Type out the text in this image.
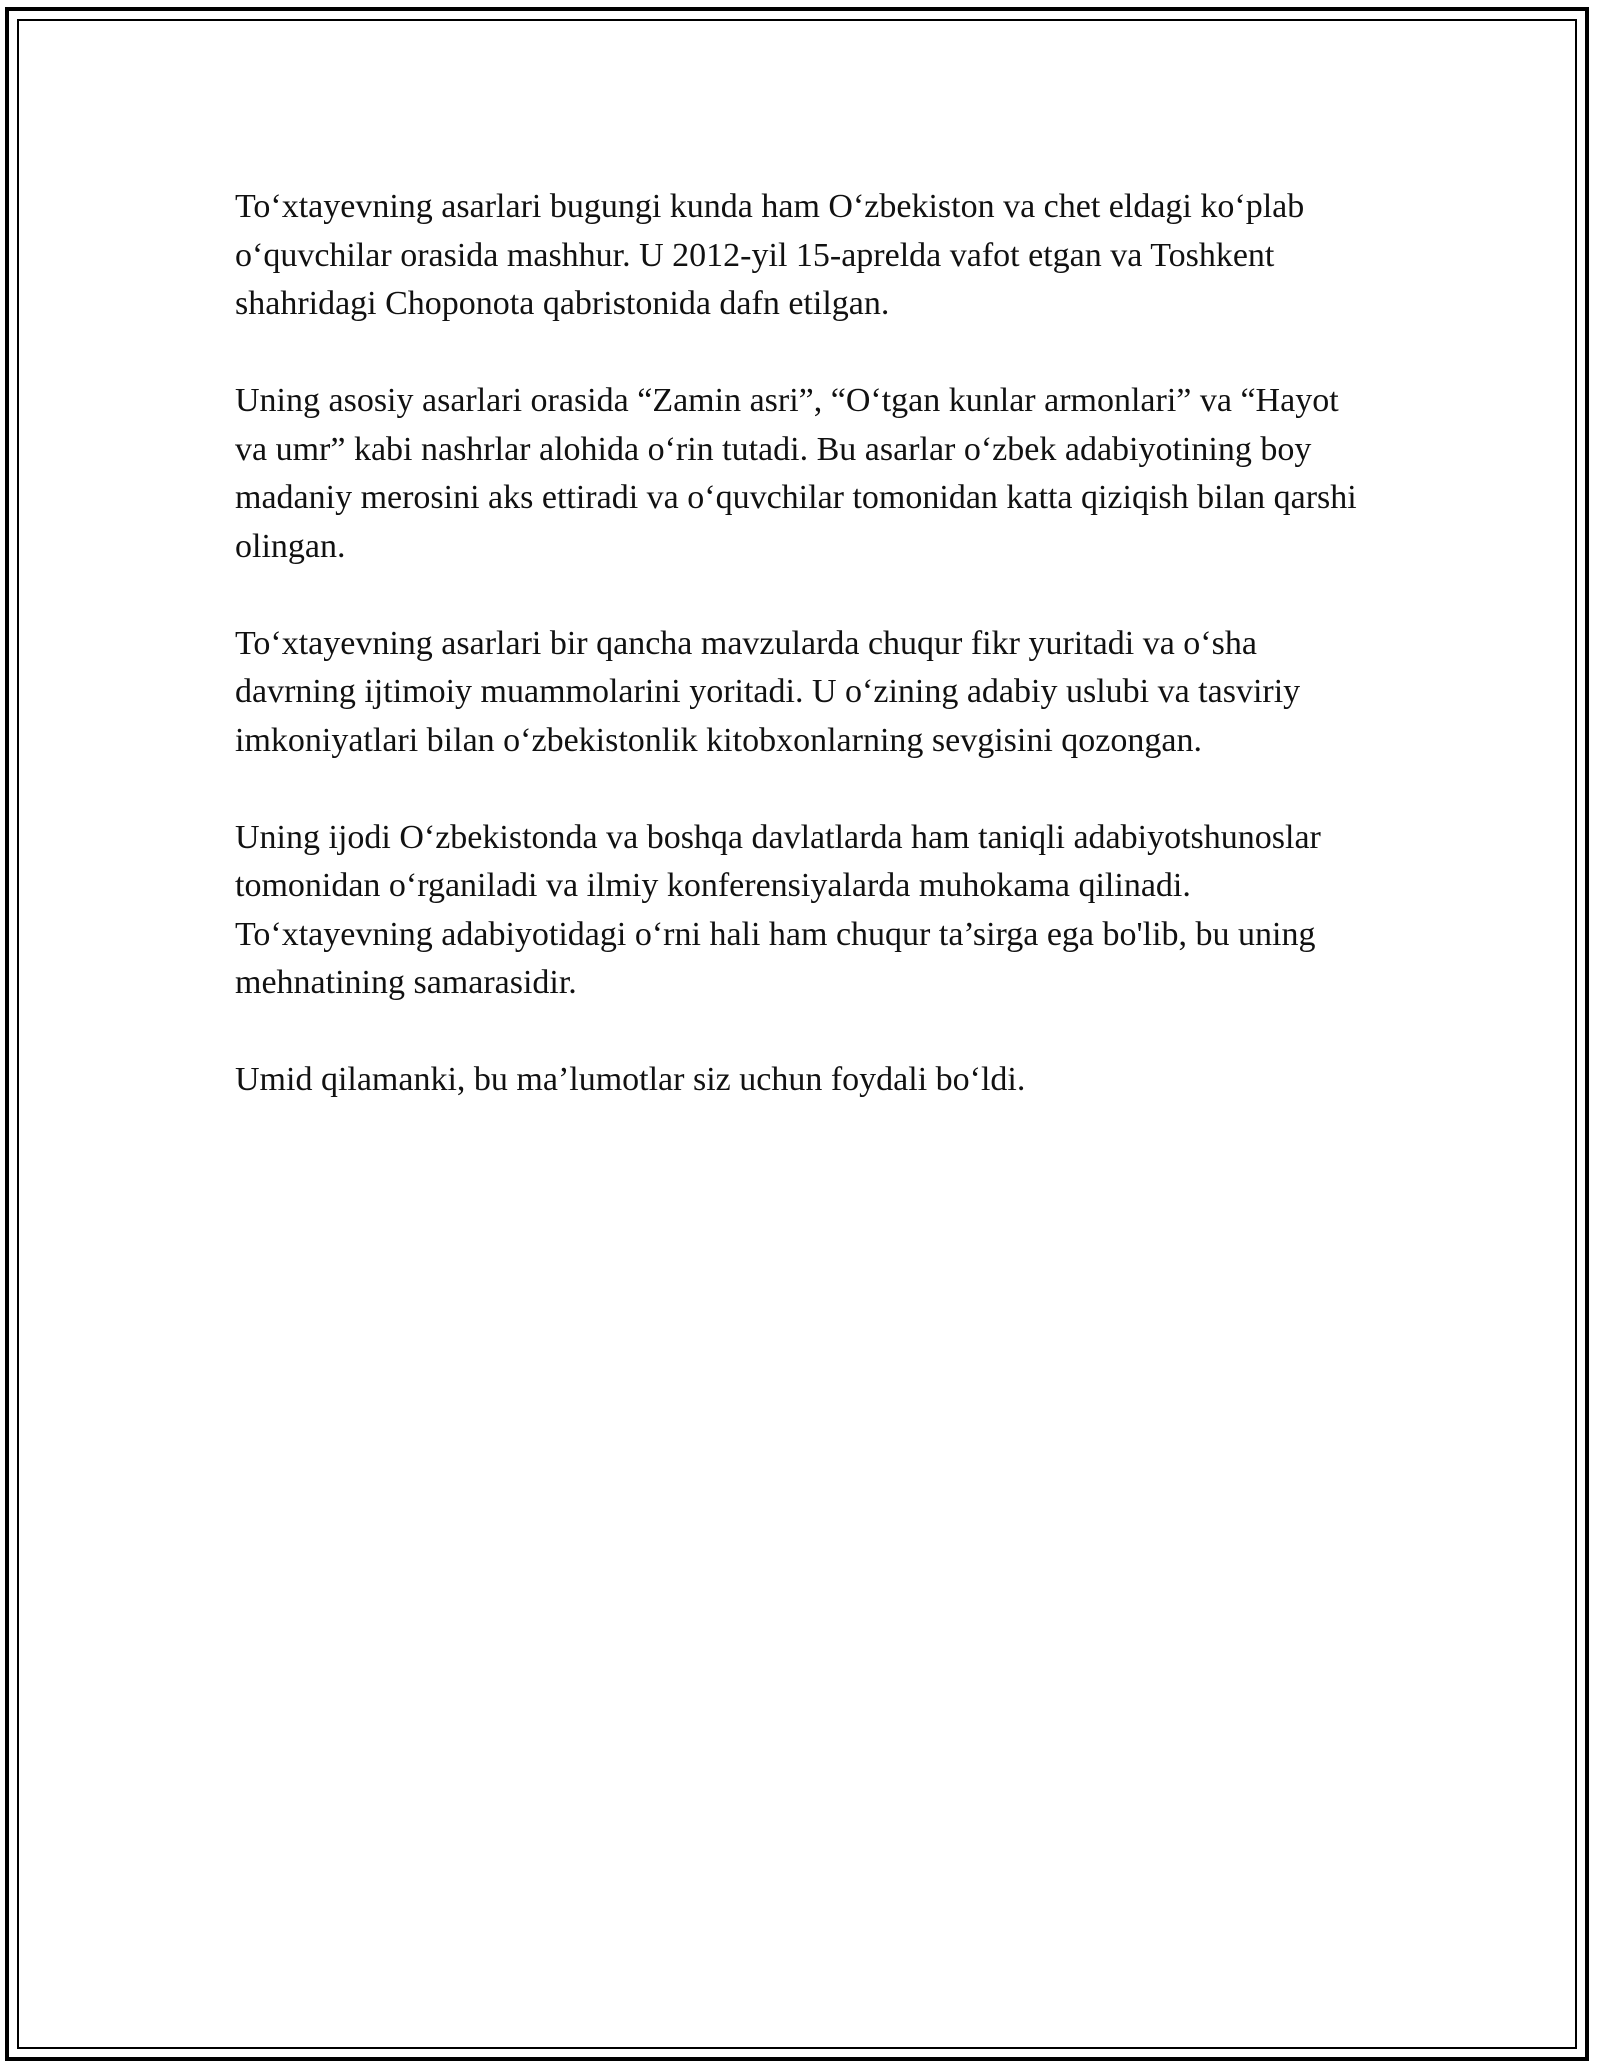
To‘xtayevning asarlari bugungi kunda ham O‘zbekiston va chet eldagi ko‘plab o‘quvchilar orasida mashhur. U 2012-yil 15-aprelda vafot etgan va Toshkent shahridagi Choponota qabristonida dafn etilgan.

Uning asosiy asarlari orasida “Zamin asri”, “O‘tgan kunlar armonlari” va “Hayot va umr” kabi nashrlar alohida o‘rin tutadi. Bu asarlar o‘zbek adabiyotining boy madaniy merosini aks ettiradi va o‘quvchilar tomonidan katta qiziqish bilan qarshi olingan.

To‘xtayevning asarlari bir qancha mavzularda chuqur fikr yuritadi va o‘sha davrning ijtimoiy muammolarini yoritadi. U o‘zining adabiy uslubi va tasviriy imkoniyatlari bilan o‘zbekistonlik kitobxonlarning sevgisini qozongan.

Uning ijodi O‘zbekistonda va boshqa davlatlarda ham taniqli adabiyotshunoslar tomonidan o‘rganiladi va ilmiy konferensiyalarda muhokama qilinadi. To‘xtayevning adabiyotidagi o‘rni hali ham chuqur ta’sirga ega bo'lib, bu uning mehnatining samarasidir.

Umid qilamanki, bu ma’lumotlar siz uchun foydali bo‘ldi.
